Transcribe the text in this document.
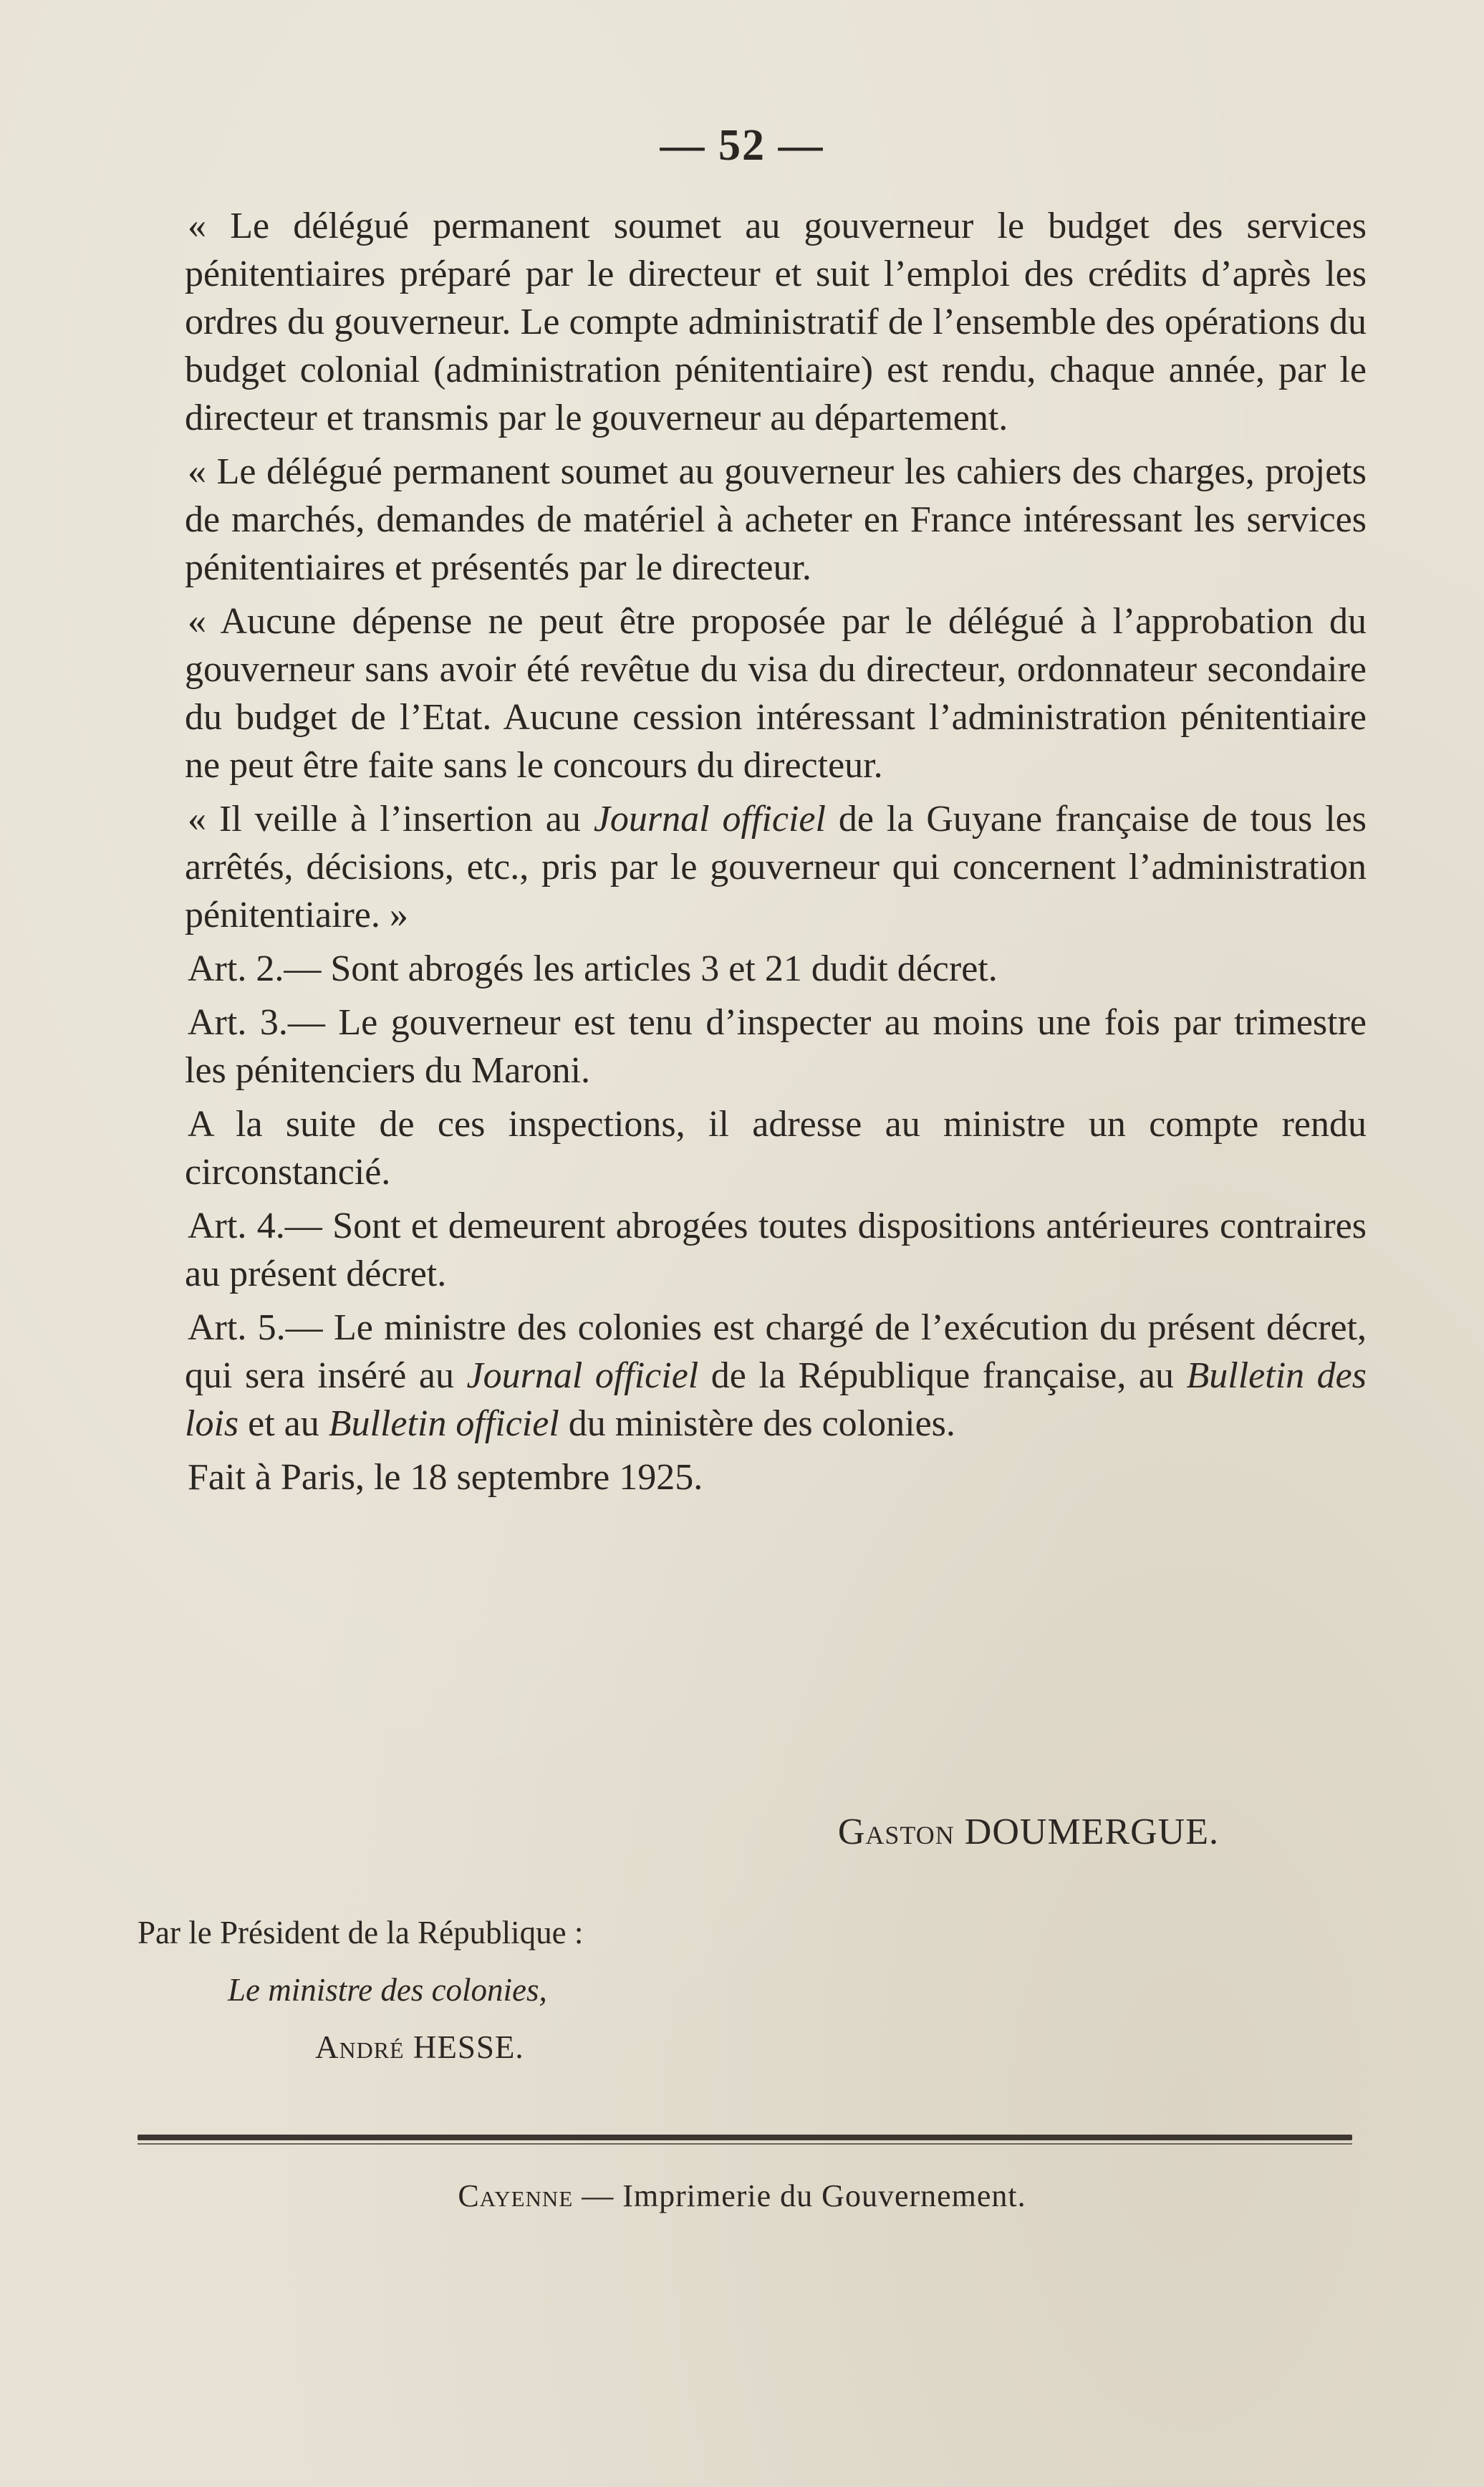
— 52 —

« Le délégué permanent soumet au gouverneur le budget des services pénitentiaires préparé par le directeur et suit l’emploi des crédits d’après les ordres du gouverneur. Le compte administratif de l’ensemble des opérations du budget colonial (administration pénitentiaire) est rendu, chaque année, par le directeur et transmis par le gouverneur au département.

« Le délégué permanent soumet au gouverneur les cahiers des charges, projets de marchés, demandes de matériel à acheter en France intéressant les services pénitentiaires et présentés par le directeur.

« Aucune dépense ne peut être proposée par le délégué à l’approbation du gouverneur sans avoir été revêtue du visa du directeur, ordonnateur secondaire du budget de l’Etat. Aucune cession intéressant l’administration pénitentiaire ne peut être faite sans le concours du directeur.

« Il veille à l’insertion au Journal officiel de la Guyane française de tous les arrêtés, décisions, etc., pris par le gouverneur qui concernent l’administration pénitentiaire. »

Art. 2.— Sont abrogés les articles 3 et 21 dudit décret.

Art. 3.— Le gouverneur est tenu d’inspecter au moins une fois par trimestre les pénitenciers du Maroni.

A la suite de ces inspections, il adresse au ministre un compte rendu circonstancié.

Art. 4.— Sont et demeurent abrogées toutes dispositions antérieures contraires au présent décret.

Art. 5.— Le ministre des colonies est chargé de l’exécution du présent décret, qui sera inséré au Journal officiel de la République française, au Bulletin des lois et au Bulletin officiel du ministère des colonies.

Fait à Paris, le 18 septembre 1925.

Gaston DOUMERGUE.
Par le Président de la République :
Le ministre des colonies,
André HESSE.
Cayenne — Imprimerie du Gouvernement.
